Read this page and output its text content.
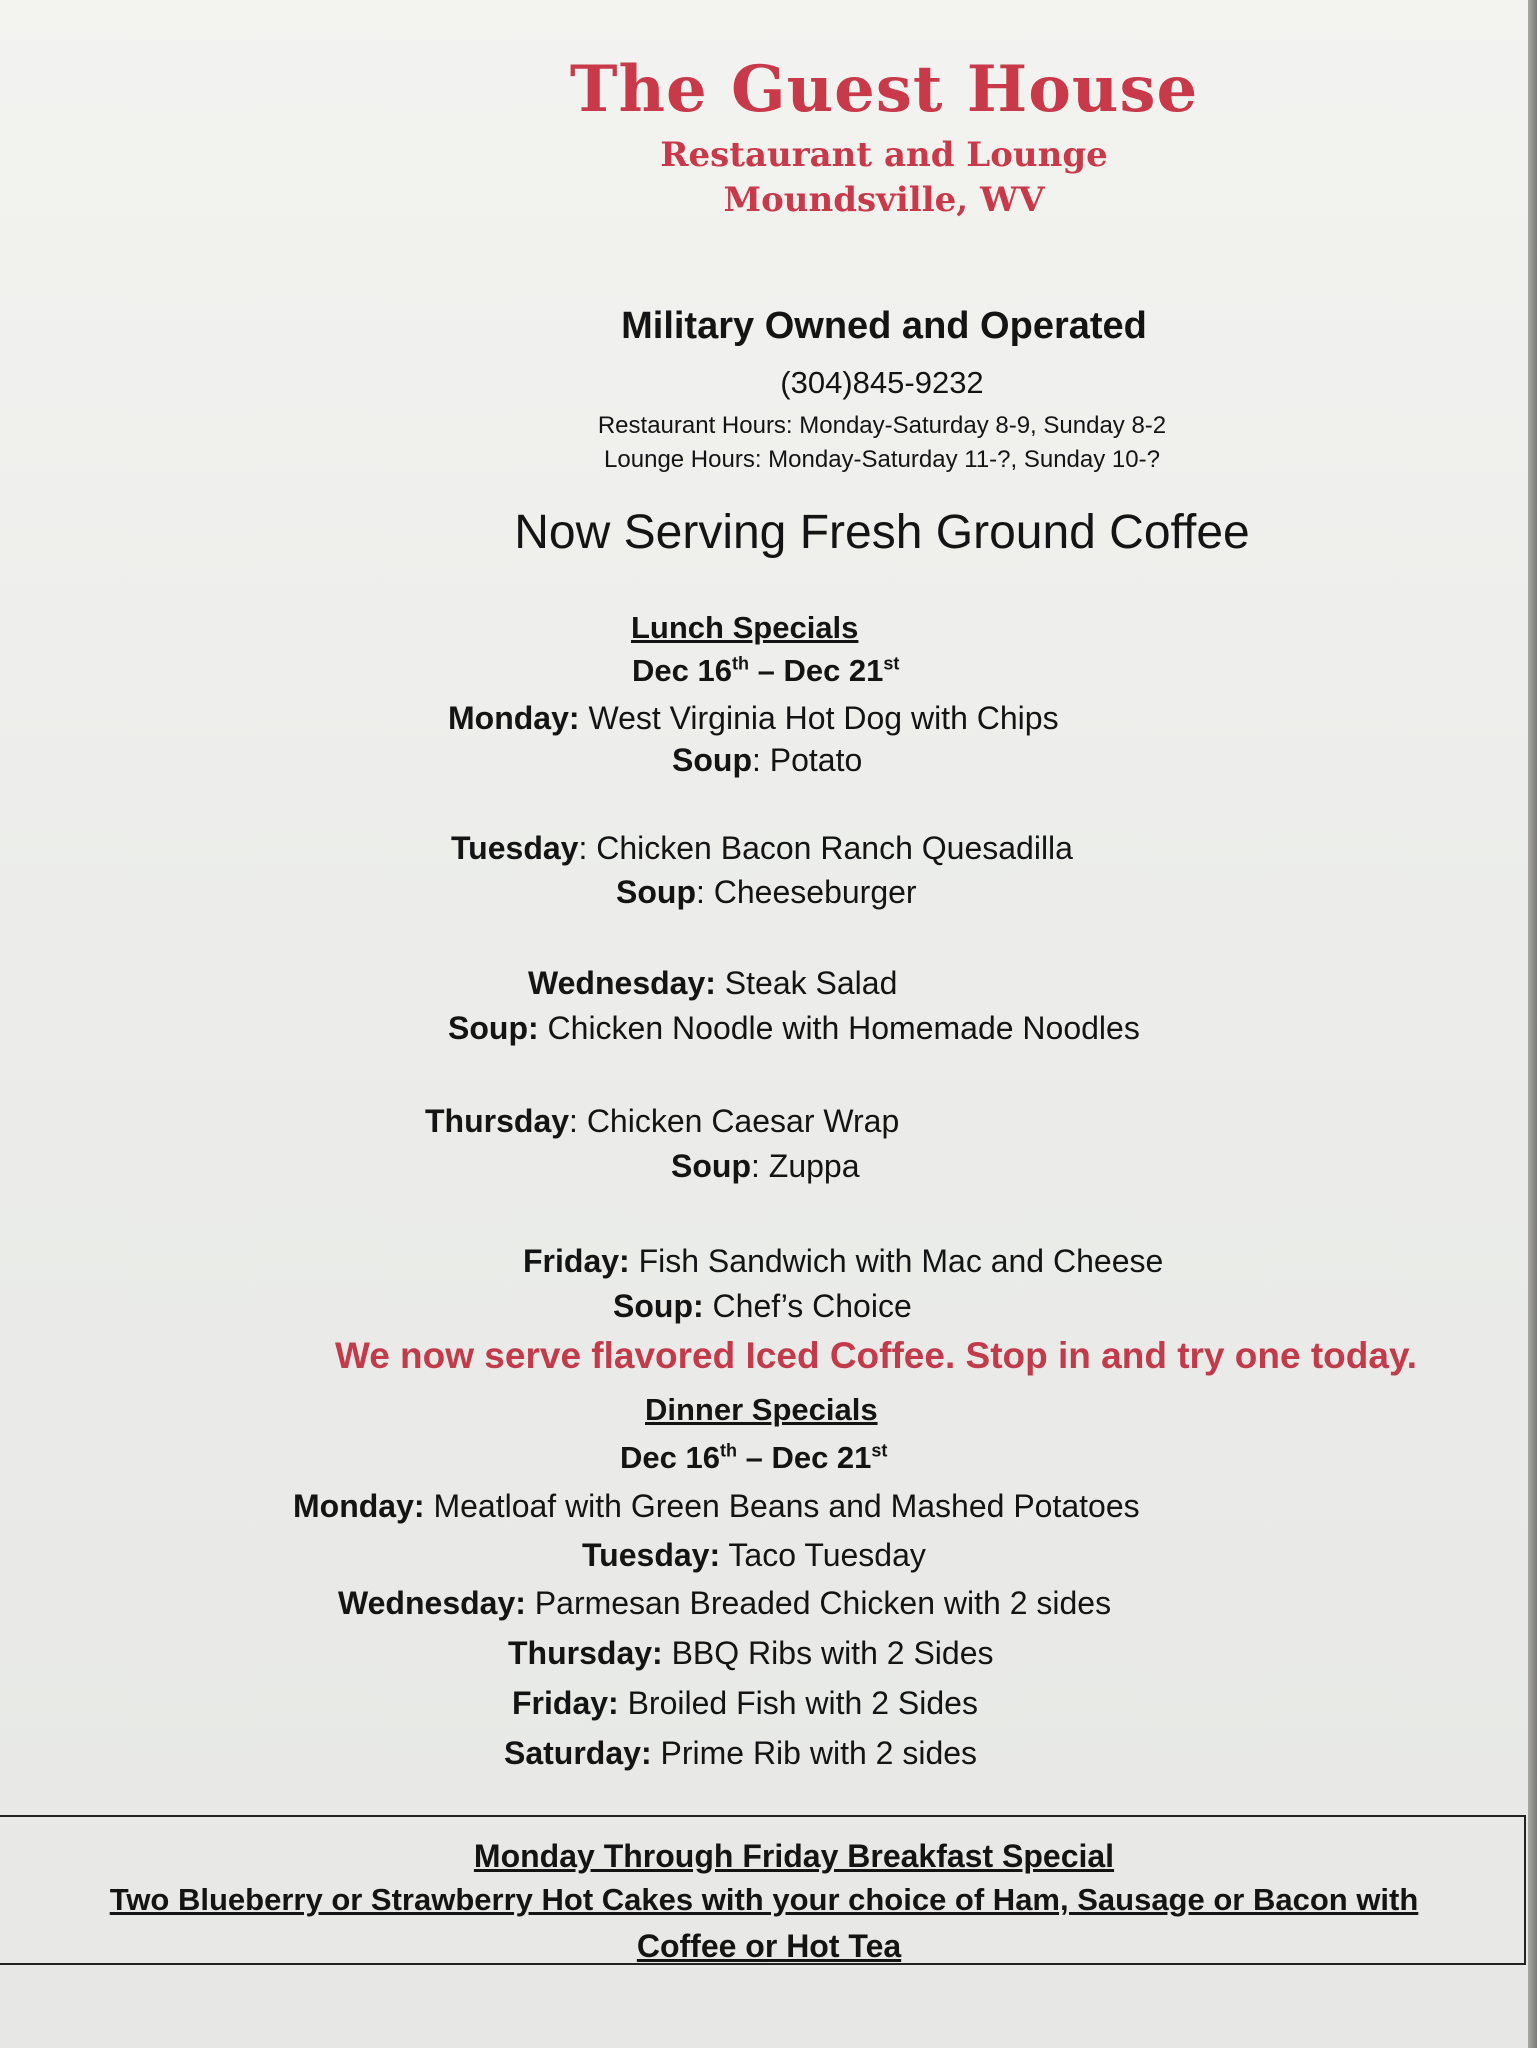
The Guest House
Restaurant and Lounge
Moundsville, WV
Military Owned and Operated
(304)845-9232
Restaurant Hours: Monday-Saturday 8-9, Sunday 8-2
Lounge Hours: Monday-Saturday 11-?, Sunday 10-?
Now Serving Fresh Ground Coffee
Lunch Specials
Dec 16th – Dec 21st
Monday: West Virginia Hot Dog with Chips
Soup: Potato
Tuesday: Chicken Bacon Ranch Quesadilla
Soup: Cheeseburger
Wednesday: Steak Salad
Soup: Chicken Noodle with Homemade Noodles
Thursday: Chicken Caesar Wrap
Soup: Zuppa
Friday: Fish Sandwich with Mac and Cheese
Soup: Chef’s Choice
We now serve flavored Iced Coffee. Stop in and try one today.
Dinner Specials
Dec 16th – Dec 21st
Monday: Meatloaf with Green Beans and Mashed Potatoes
Tuesday: Taco Tuesday
Wednesday: Parmesan Breaded Chicken with 2 sides
Thursday: BBQ Ribs with 2 Sides
Friday: Broiled Fish with 2 Sides
Saturday: Prime Rib with 2 sides
Monday Through Friday Breakfast Special
Two Blueberry or Strawberry Hot Cakes with your choice of Ham, Sausage or Bacon with
Coffee or Hot Tea
